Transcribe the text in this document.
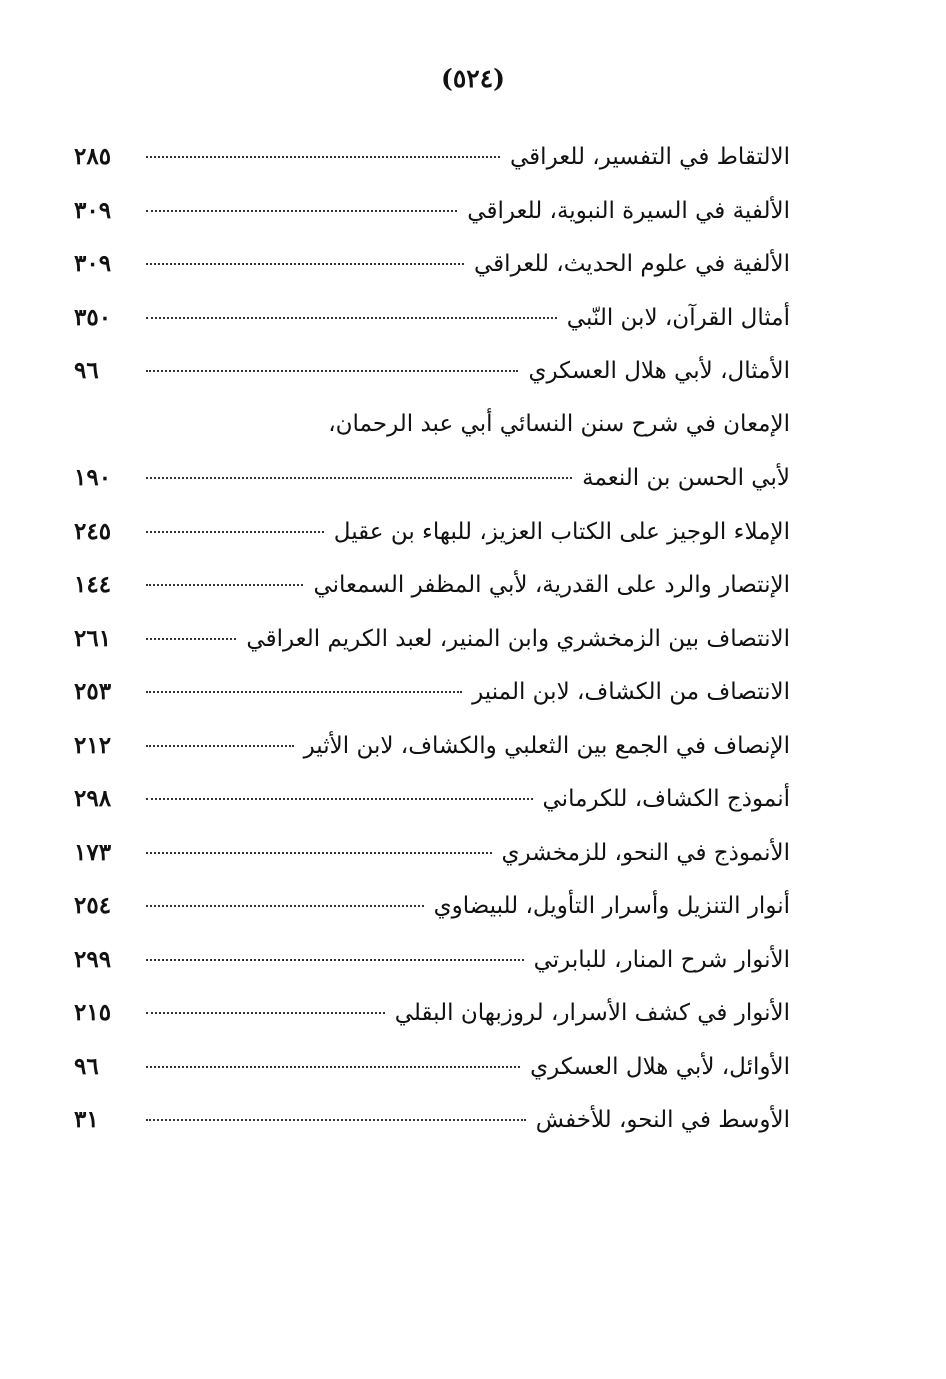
(٥٢٤)
الالتقاط في التفسير، للعراقي
٢٨٥
الألفية في السيرة النبوية، للعراقي
٣٠٩
الألفية في علوم الحديث، للعراقي
٣٠٩
أمثال القرآن، لابن النّبي
٣٥٠
الأمثال، لأبي هلال العسكري
٩٦
الإمعان في شرح سنن النسائي أبي عبد الرحمان،
لأبي الحسن بن النعمة
١٩٠
الإملاء الوجيز على الكتاب العزيز، للبهاء بن عقيل
٢٤٥
الإنتصار والرد على القدرية، لأبي المظفر السمعاني
١٤٤
الانتصاف بين الزمخشري وابن المنير، لعبد الكريم العراقي
٢٦١
الانتصاف من الكشاف، لابن المنير
٢٥٣
الإنصاف في الجمع بين الثعلبي والكشاف، لابن الأثير
٢١٢
أنموذج الكشاف، للكرماني
٢٩٨
الأنموذج في النحو، للزمخشري
١٧٣
أنوار التنزيل وأسرار التأويل، للبيضاوي
٢٥٤
الأنوار شرح المنار، للبابرتي
٢٩٩
الأنوار في كشف الأسرار، لروزبهان البقلي
٢١٥
الأوائل، لأبي هلال العسكري
٩٦
الأوسط في النحو، للأخفش
٣١
